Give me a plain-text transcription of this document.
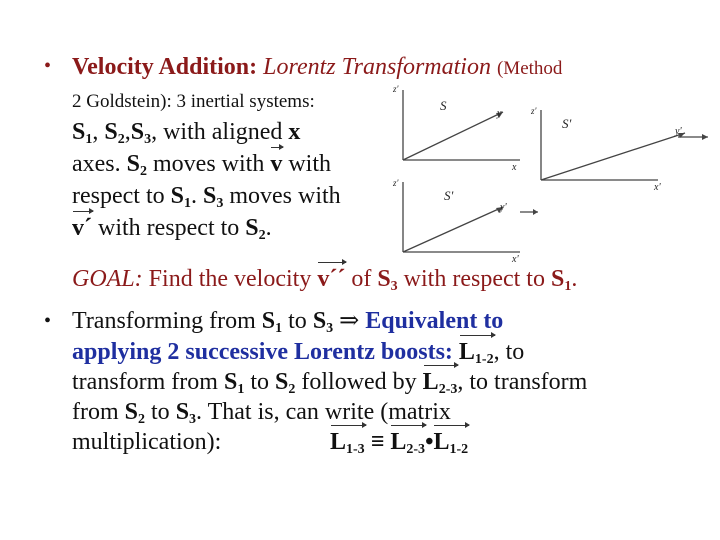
S
y
x
z'
S'
y'
x'
z'
S'
y'
x'
z'
• Velocity Addition: Lorentz Transformation (Method
2 Goldstein): 3 inertial systems:
$S_1$, $S_2,S_3$, with aligned x
axes. $S_2$ moves with v with
respect to $S_1$. $S_3$ moves with
v´ with respect to $S_2$.
GOAL: Find the velocity v´´ of $S_3$ with respect to $S_1$.
• Transforming from $S_1$ to $S_3$ ⇒ Equivalent to
applying 2 successive Lorentz boosts: $L_{1-2}$, to
transform from $S_1$ to $S_2$ followed by $L_{2-3}$, to transform
from $S_2$ to $S_3$. That is, can write (matrix
multiplication):	$L_{1-3}$ ≡ $L_{2-3}•L_{1-2}$
